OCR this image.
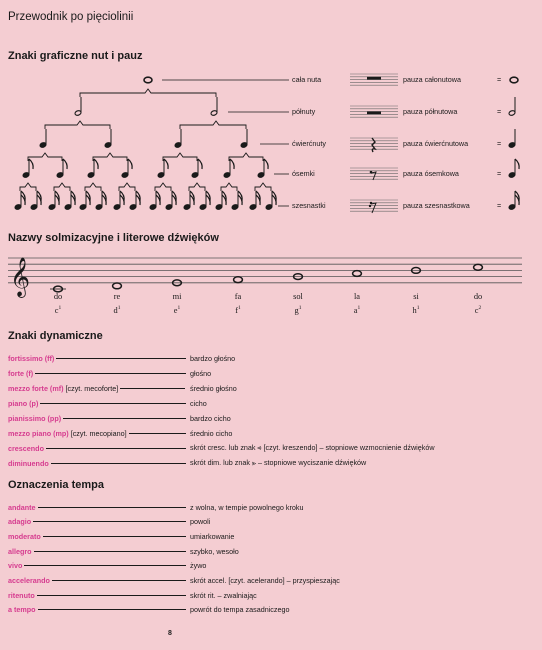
Przewodnik po pięciolinii
Znaki graficzne nut i pauz
Nazwy solmizacyjne i literowe dźwięków
Znaki dynamiczne
Oznaczenia tempa
cała nuta	pauza całonutowa	=
półnuty	pauza półnutowa	=
ćwierćnuty	pauza ćwierćnutowa	=
ósemki	pauza ósemkowa	=
szesnastki	pauza szesnastkowa	=
𝄞	do
$c^1$
re
$d^1$
mi
$e^1$
fa
$f^1$
sol
$g^1$
la
$a^1$
si
$h^1$
do
$c^2$
fortissimo (ff)	bardzo głośno
forte (f)	głośno
mezzo forte (mf) [czyt. mecoforte]	średnio głośno
piano (p)	cicho
pianissimo (pp)	bardzo cicho
mezzo piano (mp) [czyt. mecopiano]	średnio cicho
crescendo	skrót cresc. lub znak ⪡ [czyt. kreszendo] – stopniowe wzmocnienie dźwięków
diminuendo	skrót dim. lub znak ⪢ – stopniowe wyciszanie dźwięków
andante	z wolna, w tempie powolnego kroku
adagio	powoli
moderato	umiarkowanie
allegro	szybko, wesoło
vivo	żywo
accelerando	skrót accel. [czyt. acelerando] – przyspieszając
ritenuto	skrót rit. – zwalniając
a tempo	powrót do tempa zasadniczego
8
